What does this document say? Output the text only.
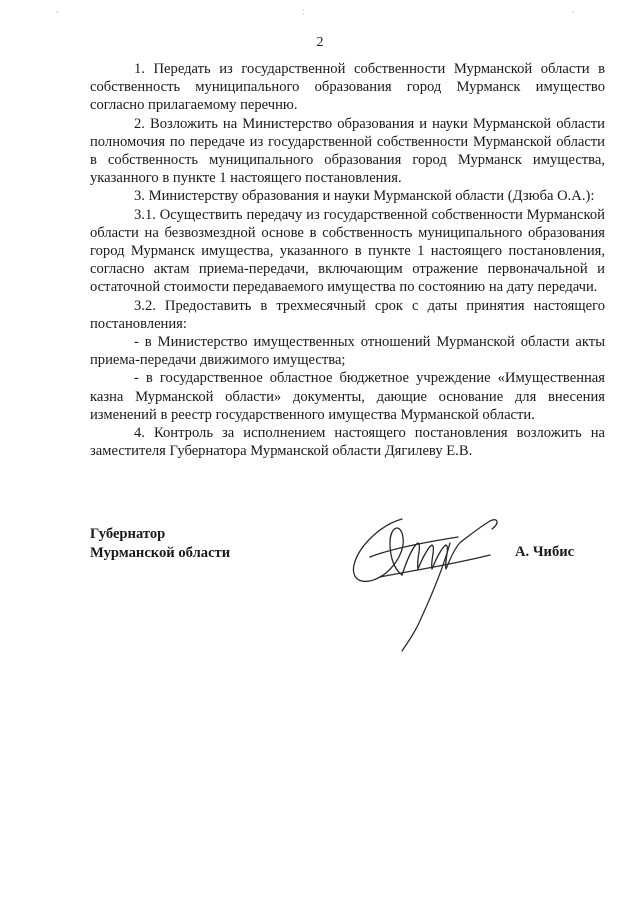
2

1. Передать из государственной собственности Мурманской области в собственность муниципального образования город Мурманск имущество согласно прилагаемому перечню.

2. Возложить на Министерство образования и науки Мурманской области полномочия по передаче из государственной собственности Мурманской области в собственность муниципального образования город Мурманск имущества, указанного в пункте 1 настоящего постановления.

3. Министерству образования и науки Мурманской области (Дзюба О.А.):

3.1. Осуществить передачу из государственной собственности Мурманской области на безвозмездной основе в собственность муниципального образования город Мурманск имущества, указанного в пункте 1 настоящего постановления, согласно актам приема-передачи, включающим отражение первоначальной и остаточной стоимости передаваемого имущества по состоянию на дату передачи.

3.2. Предоставить в трехмесячный срок с даты принятия настоящего постановления:

- в Министерство имущественных отношений Мурманской области акты приема-передачи движимого имущества;

- в государственное областное бюджетное учреждение «Имущественная казна Мурманской области» документы, дающие основание для внесения изменений в реестр государственного имущества Мурманской области.

4. Контроль за исполнением настоящего постановления возложить на заместителя Губернатора Мурманской области Дягилеву Е.В.

Губернатор
Мурманской области	А. Чибис
